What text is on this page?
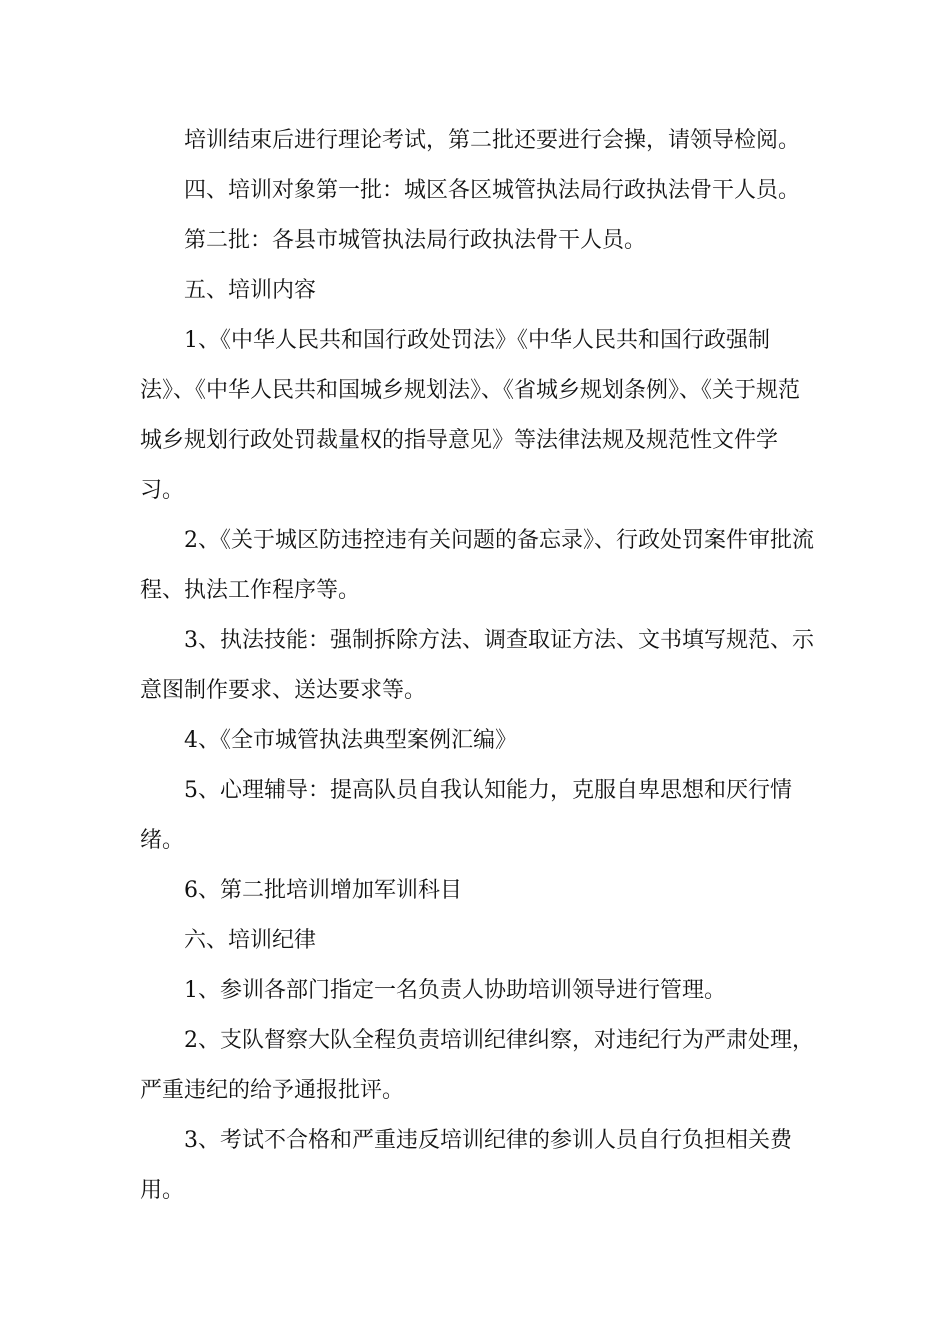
培训结束后进行理论考试，第二批还要进行会操，请领导检阅。

四、培训对象第一批：城区各区城管执法局行政执法骨干人员。

第二批：各县市城管执法局行政执法骨干人员。

五、培训内容

1、《中华人民共和国行政处罚法》《中华人民共和国行政强制法》、《中华人民共和国城乡规划法》、《省城乡规划条例》、《关于规范城乡规划行政处罚裁量权的指导意见》等法律法规及规范性文件学习。

2、《关于城区防违控违有关问题的备忘录》、行政处罚案件审批流程、执法工作程序等。

3、执法技能：强制拆除方法、调查取证方法、文书填写规范、示意图制作要求、送达要求等。

4、《全市城管执法典型案例汇编》

5、心理辅导：提高队员自我认知能力，克服自卑思想和厌行情绪。

6、第二批培训增加军训科目

六、培训纪律

1、参训各部门指定一名负责人协助培训领导进行管理。

2、支队督察大队全程负责培训纪律纠察，对违纪行为严肃处理，严重违纪的给予通报批评。

3、考试不合格和严重违反培训纪律的参训人员自行负担相关费用。
